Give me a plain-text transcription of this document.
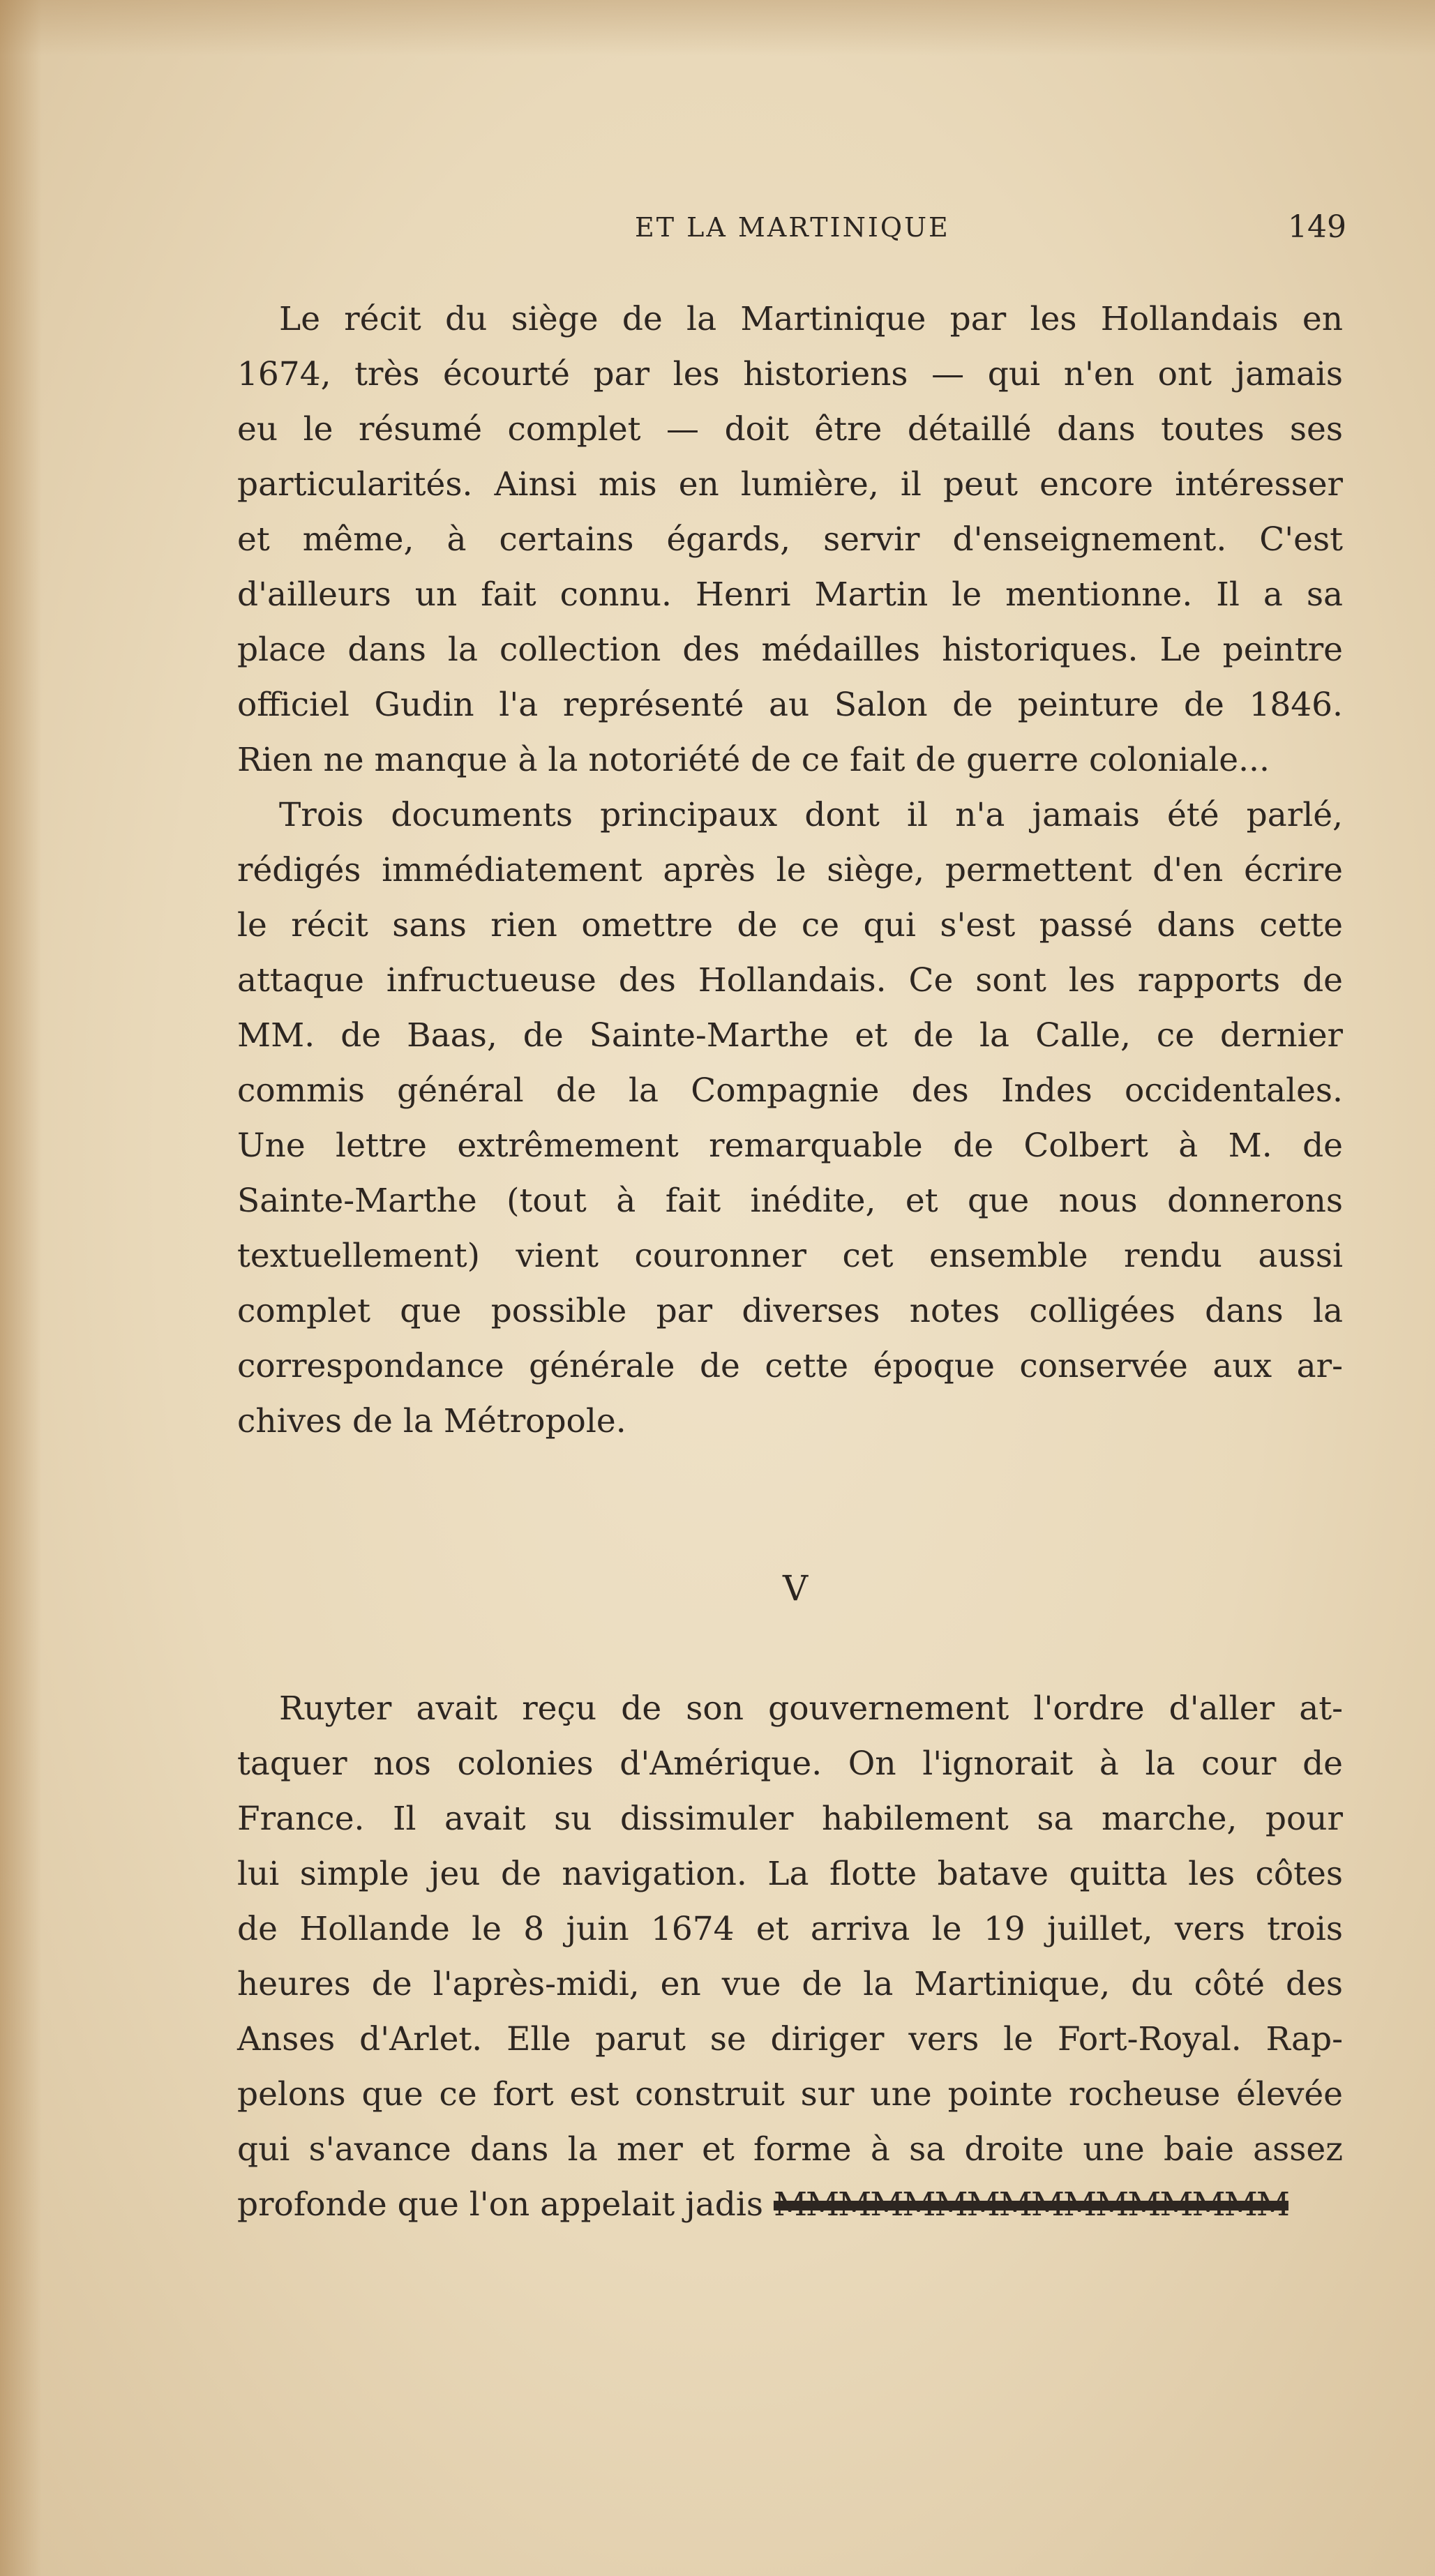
ET LA MARTINIQUE	149
Le récit du siège de la Martinique par les Hollandais en
1674, très écourté par les historiens — qui n'en ont jamais
eu le résumé complet — doit être détaillé dans toutes ses
particularités. Ainsi mis en lumière, il peut encore intéresser
et même, à certains égards, servir d'enseignement. C'est
d'ailleurs un fait connu. Henri Martin le mentionne. Il a sa
place dans la collection des médailles historiques. Le peintre
officiel Gudin l'a représenté au Salon de peinture de 1846.
Rien ne manque à la notoriété de ce fait de guerre coloniale...
Trois documents principaux dont il n'a jamais été parlé,
rédigés immédiatement après le siège, permettent d'en écrire
le récit sans rien omettre de ce qui s'est passé dans cette
attaque infructueuse des Hollandais. Ce sont les rapports de
MM. de Baas, de Sainte-Marthe et de la Calle, ce dernier
commis général de la Compagnie des Indes occidentales.
Une lettre extrêmement remarquable de Colbert à M. de
Sainte-Marthe (tout à fait inédite, et que nous donnerons
textuellement) vient couronner cet ensemble rendu aussi
complet que possible par diverses notes colligées dans la
correspondance générale de cette époque conservée aux ar-
chives de la Métropole.
V
Ruyter avait reçu de son gouvernement l'ordre d'aller at-
taquer nos colonies d'Amérique. On l'ignorait à la cour de
France. Il avait su dissimuler habilement sa marche, pour
lui simple jeu de navigation. La flotte batave quitta les côtes
de Hollande le 8 juin 1674 et arriva le 19 juillet, vers trois
heures de l'après-midi, en vue de la Martinique, du côté des
Anses d'Arlet. Elle parut se diriger vers le Fort-Royal. Rap-
pelons que ce fort est construit sur une pointe rocheuse élevée
qui s'avance dans la mer et forme à sa droite une baie assez
profonde que l'on appelait jadis MMMMMMMMMMMMMMMM
